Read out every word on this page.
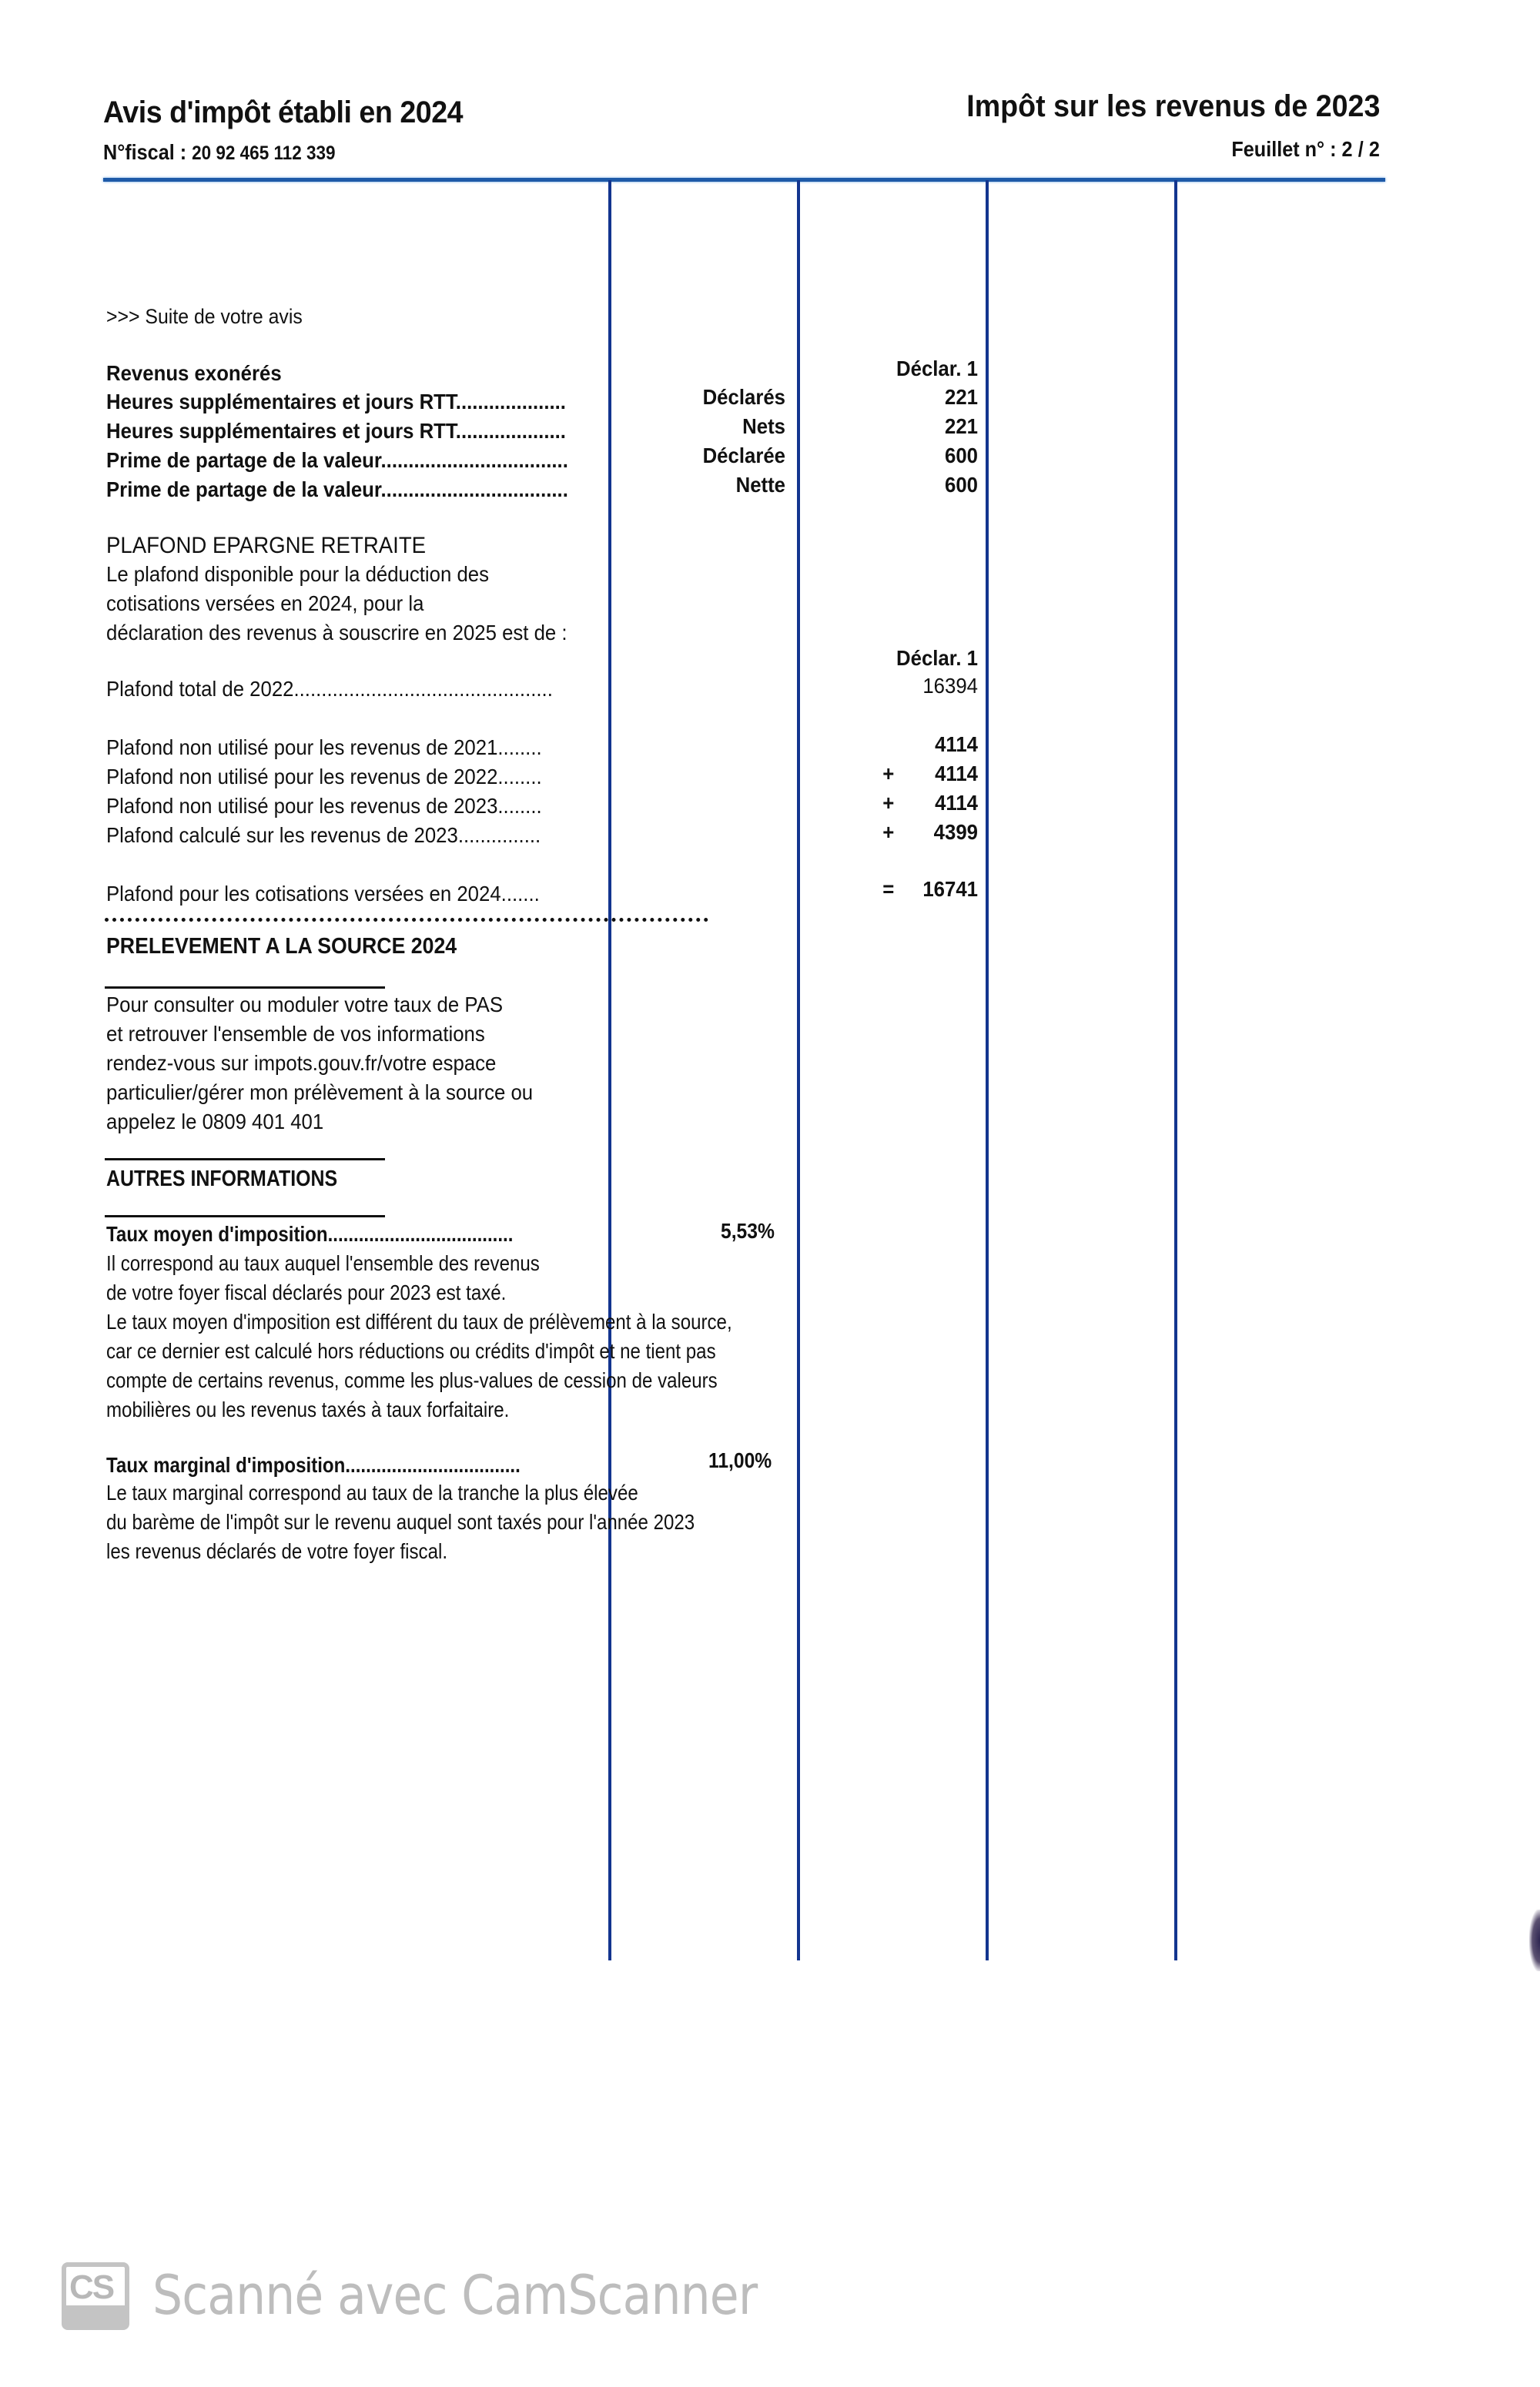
Avis d'impôt établi en 2024
N°fiscal : 20 92 465 112 339
Impôt sur les revenus de 2023
Feuillet n° : 2 / 2
>>> Suite de votre avis
Revenus exonérés	Déclar. 1
Heures supplémentaires et jours RTT....................	Déclarés	221
Heures supplémentaires et jours RTT....................	Nets	221
Prime de partage de la valeur..................................	Déclarée	600
Prime de partage de la valeur..................................	Nette	600
PLAFOND EPARGNE RETRAITE
Le plafond disponible pour la déduction des
cotisations versées en 2024, pour la
déclaration des revenus à souscrire en 2025 est de :
Déclar. 1
Plafond total de 2022...............................................	16394
Plafond non utilisé pour les revenus de 2021........	4114
Plafond non utilisé pour les revenus de 2022........	+	4114
Plafond non utilisé pour les revenus de 2023........	+	4114
Plafond calculé sur les revenus de 2023...............	+	4399
Plafond pour les cotisations versées en 2024.......	=	16741
PRELEVEMENT A LA SOURCE 2024
Pour consulter ou moduler votre taux de PAS
et retrouver l'ensemble de vos informations
rendez-vous sur impots.gouv.fr/votre espace
particulier/gérer mon prélèvement à la source ou
appelez le 0809 401 401
AUTRES INFORMATIONS
Taux moyen d'imposition....................................	5,53%
Il correspond au taux auquel l'ensemble des revenus
de votre foyer fiscal déclarés pour 2023 est taxé.
Le taux moyen d'imposition est différent du taux de prélèvement à la source,
car ce dernier est calculé hors réductions ou crédits d'impôt et ne tient pas
compte de certains revenus, comme les plus-values de cession de valeurs
mobilières ou les revenus taxés à taux forfaitaire.
Taux marginal d'imposition..................................	11,00%
Le taux marginal correspond au taux de la tranche la plus élevée
du barème de l'impôt sur le revenu auquel sont taxés pour l'année 2023
les revenus déclarés de votre foyer fiscal.
CS Scanné avec CamScanner
